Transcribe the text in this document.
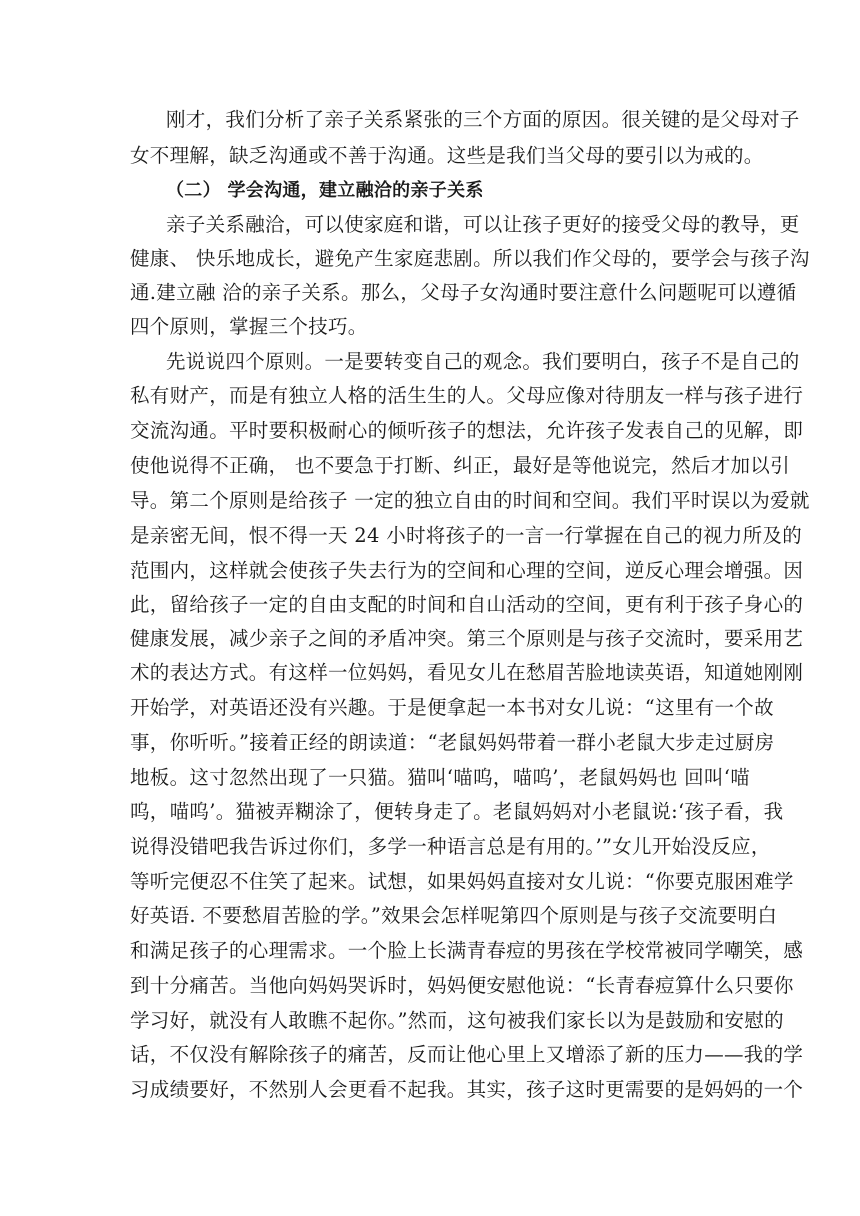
刚才，我们分析了亲子关系紧张的三个方面的原因。很关键的是父母对子
女不理解，缺乏沟通或不善于沟通。这些是我们当父母的要引以为戒的。
（二） 学会沟通，建立融洽的亲子关系
亲子关系融洽，可以使家庭和谐，可以让孩子更好的接受父母的教导，更
健康、 快乐地成长，避免产生家庭悲剧。所以我们作父母的，要学会与孩子沟
通.建立融 洽的亲子关系。那么，父母子女沟通时要注意什么问题呢可以遵循
四个原则，掌握三个技巧。
先说说四个原则。一是要转变自己的观念。我们要明白，孩子不是自己的
私有财产，而是有独立人格的活生生的人。父母应像对待朋友一样与孩子进行
交流沟通。平时要积极耐心的倾听孩子的想法，允许孩子发表自己的见解，即
使他说得不正确， 也不要急于打断、纠正，最好是等他说完，然后才加以引
导。第二个原则是给孩子 一定的独立自由的时间和空间。我们平时误以为爱就
是亲密无间，恨不得一天 24 小时将孩子的一言一行掌握在自己的视力所及的
范围内，这样就会使孩子失去行为的空间和心理的空间，逆反心理会增强。因
此，留给孩子一定的自由支配的时间和自山活动的空间，更有利于孩子身心的
健康发展，减少亲子之间的矛盾冲突。第三个原则是与孩子交流时，要采用艺
术的表达方式。有这样一位妈妈，看见女儿在愁眉苦脸地读英语，知道她刚刚
开始学，对英语还没有兴趣。于是便拿起一本书对女儿说：“这里有一个故
事，你听听。”接着正经的朗读道：“老鼠妈妈带着一群小老鼠大步走过厨房
地板。这寸忽然出现了一只猫。猫叫‘喵呜，喵呜’，老鼠妈妈也 回叫‘喵
呜，喵呜’。猫被弄糊涂了，便转身走了。老鼠妈妈对小老鼠说:‘孩子看，我
说得没错吧我告诉过你们，多学一种语言总是有用的。’”女儿开始没反应，
等听完便忍不住笑了起来。试想，如果妈妈直接对女儿说：“你要克服困难学
好英语. 不要愁眉苦脸的学。”效果会怎样呢第四个原则是与孩子交流要明白
和满足孩子的心理需求。一个脸上长满青春痘的男孩在学校常被同学嘲笑，感
到十分痛苦。当他向妈妈哭诉时，妈妈便安慰他说：“长青春痘算什么只要你
学习好，就没有人敢瞧不起你。”然而，这句被我们家长以为是鼓励和安慰的
话，不仅没有解除孩子的痛苦，反而让他心里上又增添了新的压力——我的学
习成绩要好，不然别人会更看不起我。其实，孩子这时更需要的是妈妈的一个
